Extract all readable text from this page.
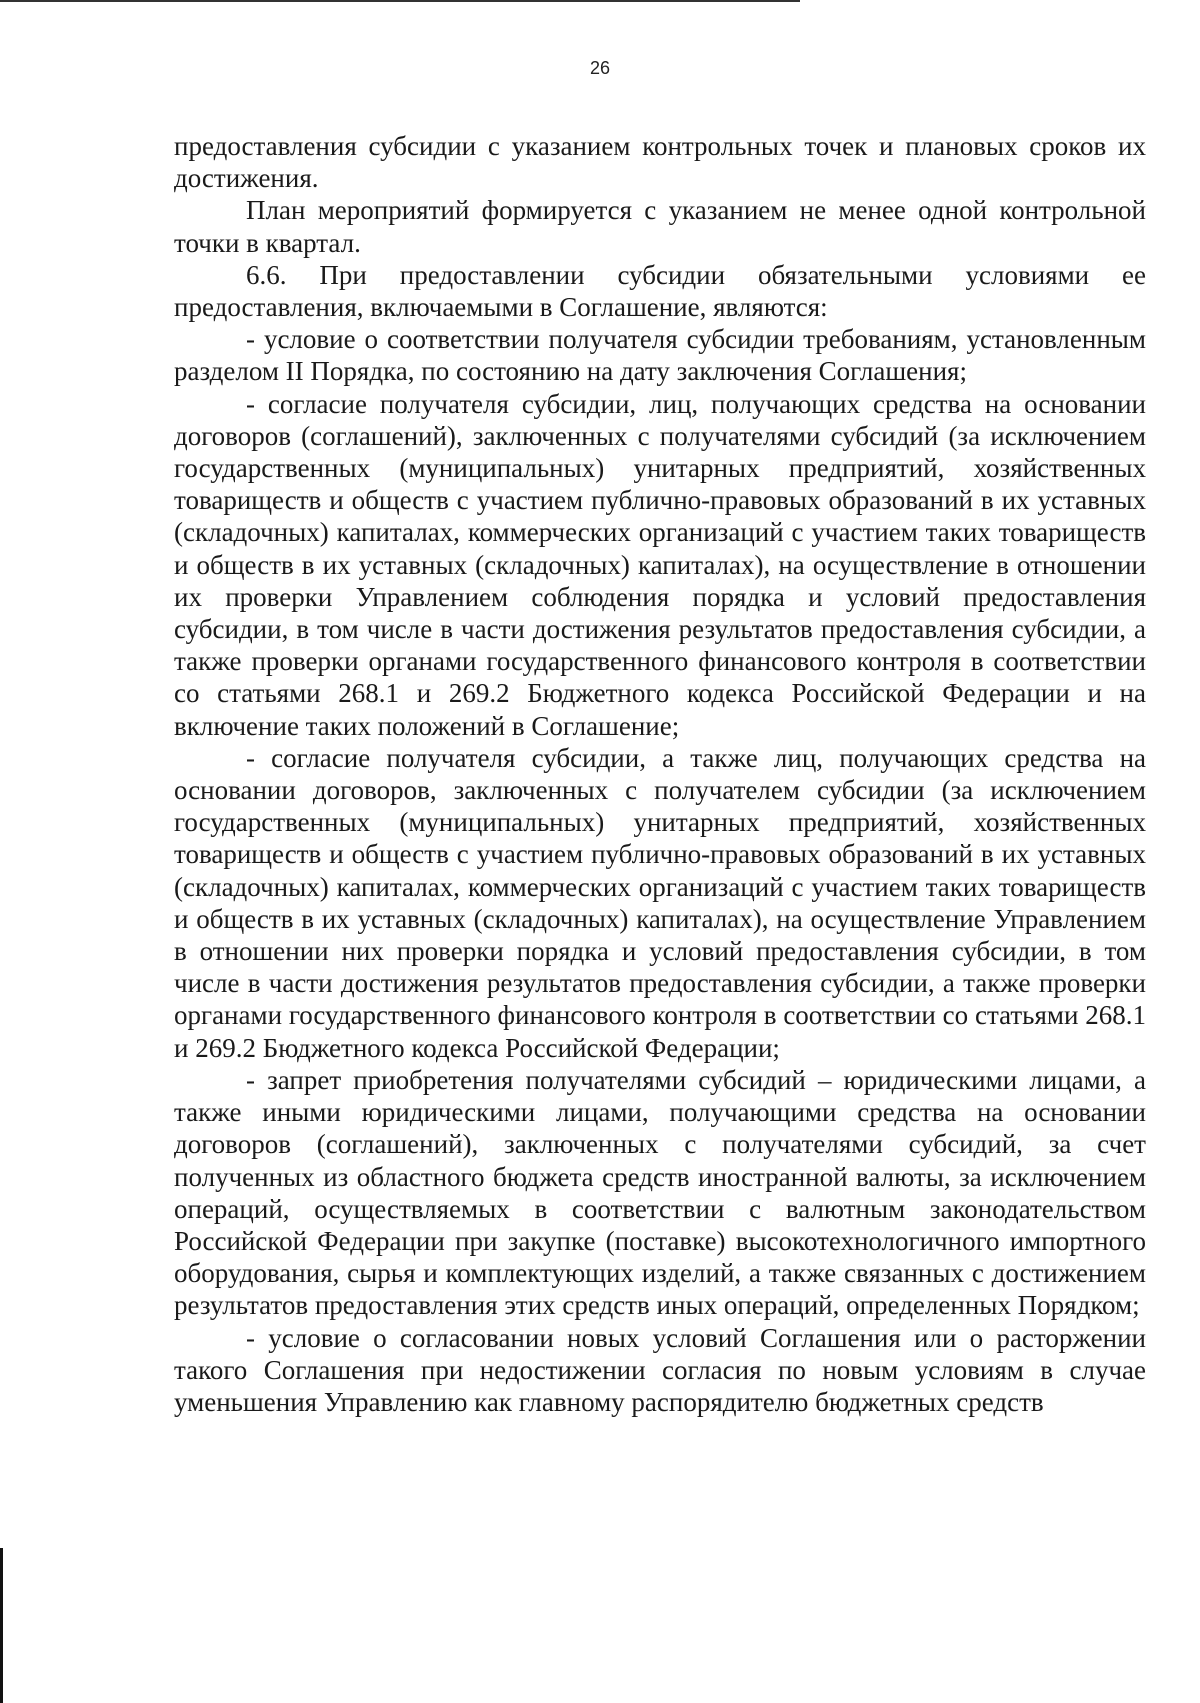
26

предоставления субсидии с указанием контрольных точек и плановых сроков их достижения.

План мероприятий формируется с указанием не менее одной контрольной точки в квартал.

6.6. При предоставлении субсидии обязательными условиями ее предоставления, включаемыми в Соглашение, являются:

- условие о соответствии получателя субсидии требованиям, установленным разделом II Порядка, по состоянию на дату заключения Соглашения;

- согласие получателя субсидии, лиц, получающих средства на основании договоров (соглашений), заключенных с получателями субсидий (за исключением государственных (муниципальных) унитарных предприятий, хозяйственных товариществ и обществ с участием публично-правовых образований в их уставных (складочных) капиталах, коммерческих организаций с участием таких товариществ и обществ в их уставных (складочных) капиталах), на осуществление в отношении их проверки Управлением соблюдения порядка и условий предоставления субсидии, в том числе в части достижения результатов предоставления субсидии, а также проверки органами государственного финансового контроля в соответствии со статьями 268.1 и 269.2 Бюджетного кодекса Российской Федерации и на включение таких положений в Соглашение;

- согласие получателя субсидии, а также лиц, получающих средства на основании договоров, заключенных с получателем субсидии (за исключением государственных (муниципальных) унитарных предприятий, хозяйственных товариществ и обществ с участием публично-правовых образований в их уставных (складочных) капиталах, коммерческих организаций с участием таких товариществ и обществ в их уставных (складочных) капиталах), на осуществление Управлением в отношении них проверки порядка и условий предоставления субсидии, в том числе в части достижения результатов предоставления субсидии, а также проверки органами государственного финансового контроля в соответствии со статьями 268.1 и 269.2 Бюджетного кодекса Российской Федерации;

- запрет приобретения получателями субсидий – юридическими лицами, а также иными юридическими лицами, получающими средства на основании договоров (соглашений), заключенных с получателями субсидий, за счет полученных из областного бюджета средств иностранной валюты, за исключением операций, осуществляемых в соответствии с валютным законодательством Российской Федерации при закупке (поставке) высокотехнологичного импортного оборудования, сырья и комплектующих изделий, а также связанных с достижением результатов предоставления этих средств иных операций, определенных Порядком;

- условие о согласовании новых условий Соглашения или о расторжении такого Соглашения при недостижении согласия по новым условиям в случае уменьшения Управлению как главному распорядителю бюджетных средств
